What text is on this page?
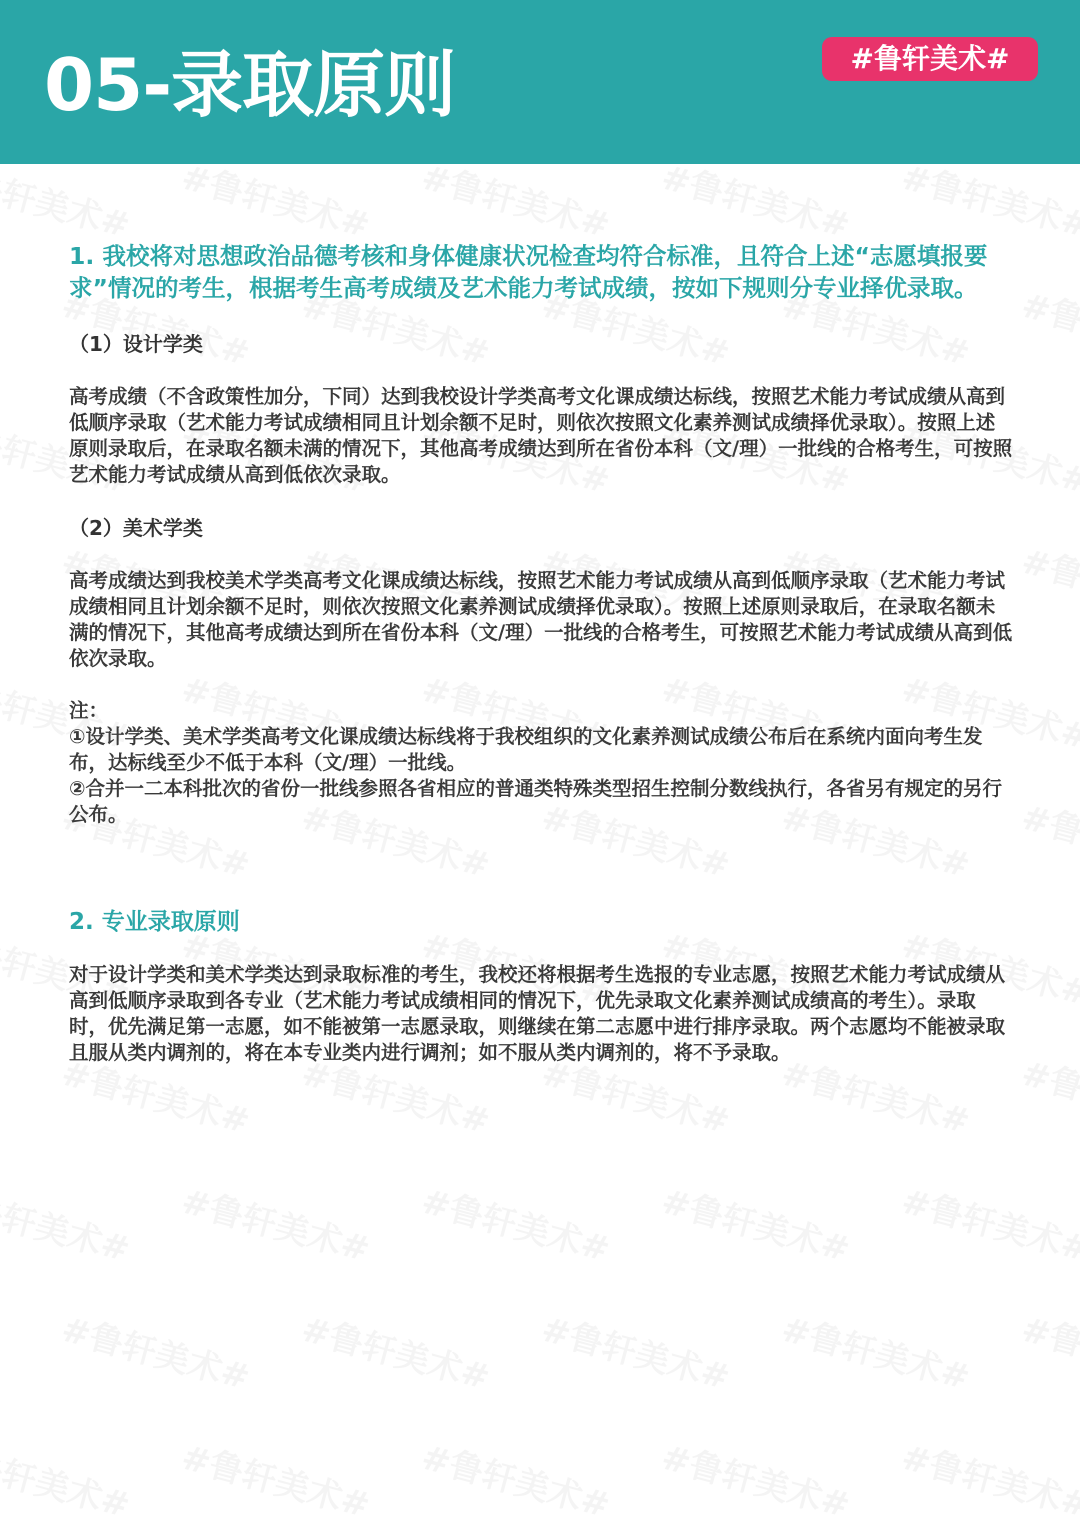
05-录取原则	#鲁轩美术#

1. 我校将对思想政治品德考核和身体健康状况检查均符合标准，且符合上述“志愿填报要求”情况的考生，根据考生高考成绩及艺术能力考试成绩，按如下规则分专业择优录取。

（1）设计学类

高考成绩（不含政策性加分，下同）达到我校设计学类高考文化课成绩达标线，按照艺术能力考试成绩从高到低顺序录取（艺术能力考试成绩相同且计划余额不足时，则依次按照文化素养测试成绩择优录取）。按照上述原则录取后，在录取名额未满的情况下，其他高考成绩达到所在省份本科（文/理）一批线的合格考生，可按照艺术能力考试成绩从高到低依次录取。

（2）美术学类

高考成绩达到我校美术学类高考文化课成绩达标线，按照艺术能力考试成绩从高到低顺序录取（艺术能力考试成绩相同且计划余额不足时，则依次按照文化素养测试成绩择优录取）。按照上述原则录取后，在录取名额未满的情况下，其他高考成绩达到所在省份本科（文/理）一批线的合格考生，可按照艺术能力考试成绩从高到低依次录取。

注：

①设计学类、美术学类高考文化课成绩达标线将于我校组织的文化素养测试成绩公布后在系统内面向考生发布，达标线至少不低于本科（文/理）一批线。

②合并一二本科批次的省份一批线参照各省相应的普通类特殊类型招生控制分数线执行，各省另有规定的另行公布。

2. 专业录取原则

对于设计学类和美术学类达到录取标准的考生，我校还将根据考生选报的专业志愿，按照艺术能力考试成绩从高到低顺序录取到各专业（艺术能力考试成绩相同的情况下，优先录取文化素养测试成绩高的考生）。录取时，优先满足第一志愿，如不能被第一志愿录取，则继续在第二志愿中进行排序录取。两个志愿均不能被录取且服从类内调剂的，将在本专业类内进行调剂；如不服从类内调剂的，将不予录取。
